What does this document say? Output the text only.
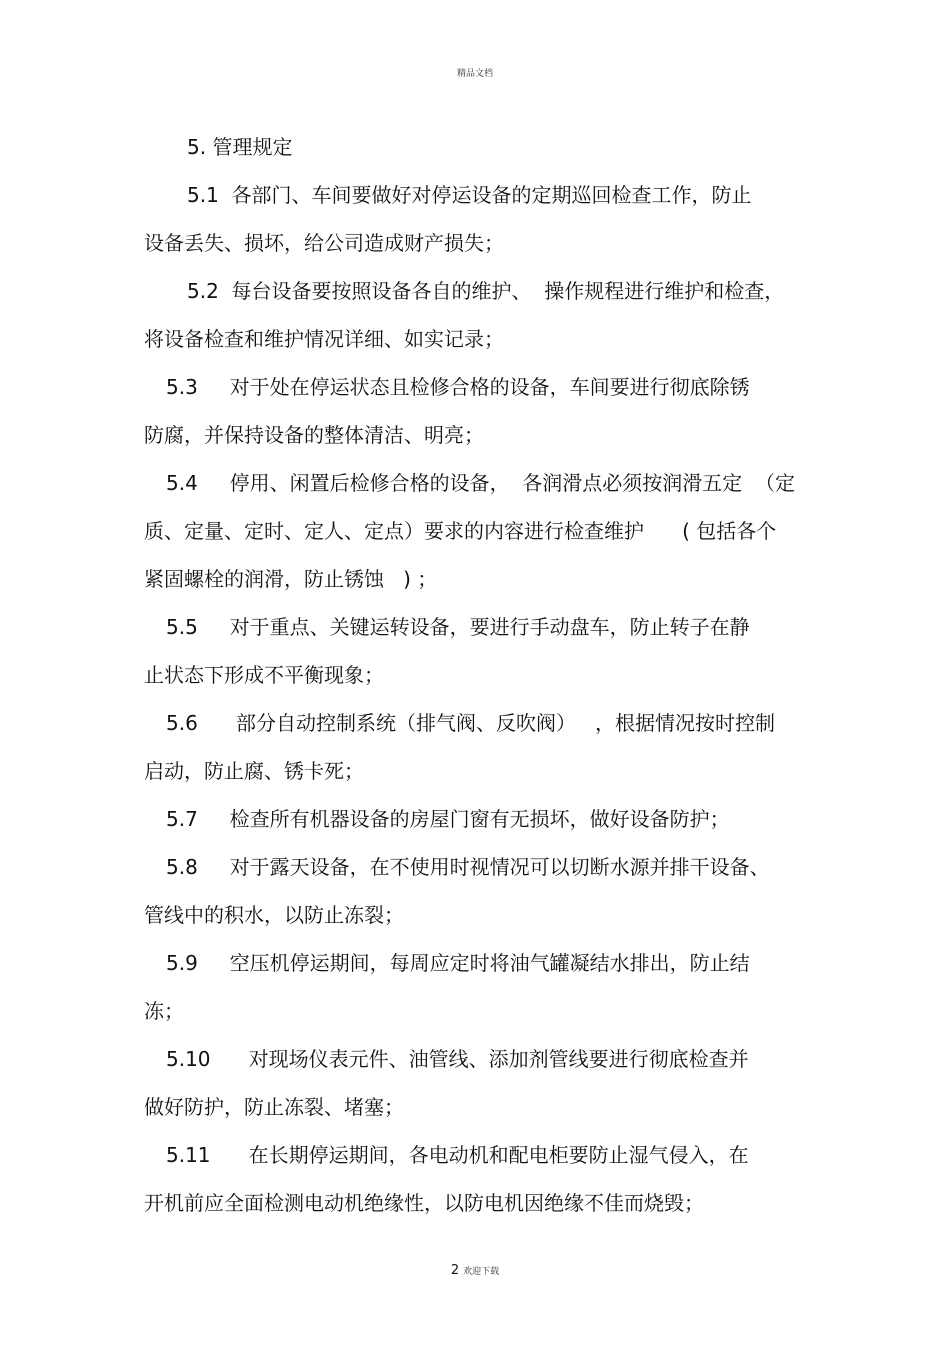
精品文档
5. 管理规定
5.1  各部门、车间要做好对停运设备的定期巡回检查工作，防止
设备丢失、损坏，给公司造成财产损失；
5.2  每台设备要按照设备各自的维护、  操作规程进行维护和检查，
将设备检查和维护情况详细、如实记录；
5.3     对于处在停运状态且检修合格的设备，车间要进行彻底除锈
防腐，并保持设备的整体清洁、明亮；
5.4     停用、闲置后检修合格的设备，  各润滑点必须按润滑五定  （定
质、定量、定时、定人、定点）要求的内容进行检查维护      ( 包括各个
紧固螺栓的润滑，防止锈蚀   ) ；
5.5     对于重点、关键运转设备，要进行手动盘车，防止转子在静
止状态下形成不平衡现象；
5.6      部分自动控制系统（排气阀、反吹阀）   ，根据情况按时控制
启动，防止腐、锈卡死；
5.7     检查所有机器设备的房屋门窗有无损坏，做好设备防护；
5.8     对于露天设备，在不使用时视情况可以切断水源并排干设备、
管线中的积水，以防止冻裂；
5.9     空压机停运期间，每周应定时将油气罐凝结水排出，防止结
冻；
5.10      对现场仪表元件、油管线、添加剂管线要进行彻底检查并
做好防护，防止冻裂、堵塞；
5.11      在长期停运期间，各电动机和配电柜要防止湿气侵入，在
开机前应全面检测电动机绝缘性，以防电机因绝缘不佳而烧毁；
2 欢迎下载
